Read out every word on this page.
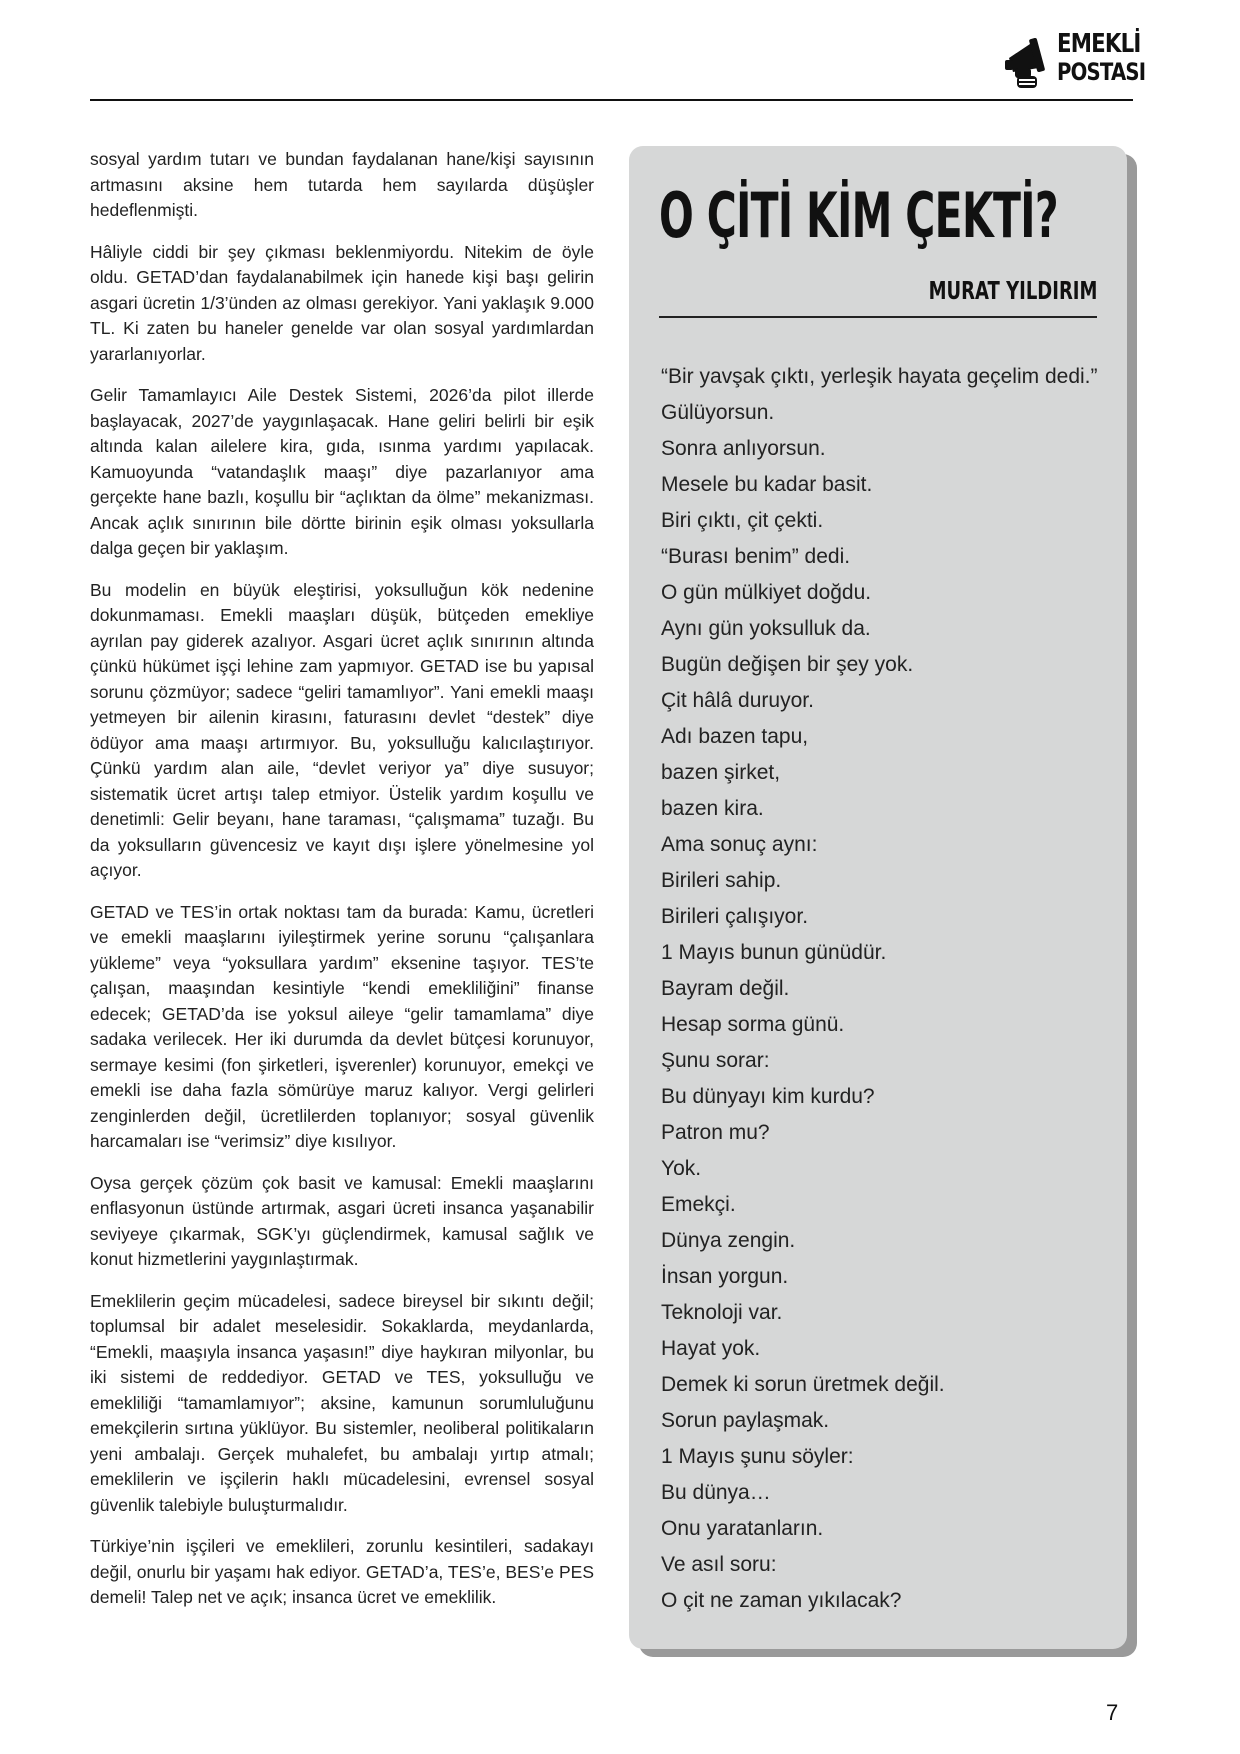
EMEKLİ
POSTASI

sosyal yardım tutarı ve bundan faydalanan hane/kişi sayısının artmasını aksine hem tutarda hem sayılarda düşüşler hedeflenmişti.

Hâliyle ciddi bir şey çıkması beklenmiyordu. Nitekim de öyle oldu. GETAD’dan faydalanabilmek için hanede kişi başı gelirin asgari ücretin 1/3’ünden az olması gerekiyor. Yani yaklaşık 9.000 TL. Ki zaten bu haneler genelde var olan sosyal yardımlardan yararlanıyorlar.

Gelir Tamamlayıcı Aile Destek Sistemi, 2026’da pilot illerde başlayacak, 2027’de yaygınlaşacak. Hane geliri belirli bir eşik altında kalan ailelere kira, gıda, ısınma yardımı yapılacak. Kamuoyunda “vatandaşlık maaşı” diye pazarlanıyor ama gerçekte hane bazlı, koşullu bir “açlıktan da ölme” mekanizması. Ancak açlık sınırının bile dörtte birinin eşik olması yoksullarla dalga geçen bir yaklaşım.

Bu modelin en büyük eleştirisi, yoksulluğun kök nedenine dokunmaması. Emekli maaşları düşük, bütçeden emekliye ayrılan pay giderek azalıyor. Asgari ücret açlık sınırının altında çünkü hükümet işçi lehine zam yapmıyor. GETAD ise bu yapısal sorunu çözmüyor; sadece “geliri tamamlıyor”. Yani emekli maaşı yetmeyen bir ailenin kirasını, faturasını devlet “destek” diye ödüyor ama maaşı artırmıyor. Bu, yoksulluğu kalıcılaştırıyor. Çünkü yardım alan aile, “devlet veriyor ya” diye susuyor; sistematik ücret artışı talep etmiyor. Üstelik yardım koşullu ve denetimli: Gelir beyanı, hane taraması, “çalışmama” tuzağı. Bu da yoksulların güvencesiz ve kayıt dışı işlere yönelmesine yol açıyor.

GETAD ve TES’in ortak noktası tam da burada: Kamu, ücretleri ve emekli maaşlarını iyileştirmek yerine sorunu “çalışanlara yükleme” veya “yoksullara yardım” eksenine taşıyor. TES’te çalışan, maaşından kesintiyle “kendi emekliliğini” finanse edecek; GETAD’da ise yoksul aileye “gelir tamamlama” diye sadaka verilecek. Her iki durumda da devlet bütçesi korunuyor, sermaye kesimi (fon şirketleri, işverenler) korunuyor, emekçi ve emekli ise daha fazla sömürüye maruz kalıyor. Vergi gelirleri zenginlerden değil, ücretlilerden toplanıyor; sosyal güvenlik harcamaları ise “verimsiz” diye kısılıyor.

Oysa gerçek çözüm çok basit ve kamusal: Emekli maaşlarını enflasyonun üstünde artırmak, asgari ücreti insanca yaşanabilir seviyeye çıkarmak, SGK’yı güçlendirmek, kamusal sağlık ve konut hizmetlerini yaygınlaştırmak.

Emeklilerin geçim mücadelesi, sadece bireysel bir sıkıntı değil; toplumsal bir adalet meselesidir. Sokaklarda, meydanlarda, “Emekli, maaşıyla insanca yaşasın!” diye haykıran milyonlar, bu iki sistemi de reddediyor. GETAD ve TES, yoksulluğu ve emekliliği “tamamlamıyor”; aksine, kamunun sorumluluğunu emekçilerin sırtına yüklüyor. Bu sistemler, neoliberal politikaların yeni ambalajı. Gerçek muhalefet, bu ambalajı yırtıp atmalı; emeklilerin ve işçilerin haklı mücadelesini, evrensel sosyal güvenlik talebiyle buluşturmalıdır.

Türkiye’nin işçileri ve emeklileri, zorunlu kesintileri, sadakayı değil, onurlu bir yaşamı hak ediyor. GETAD’a, TES’e, BES’e PES demeli! Talep net ve açık; insanca ücret ve emeklilik.

O ÇİTİ KİM ÇEKTİ?
MURAT YILDIRIM
“Bir yavşak çıktı, yerleşik hayata geçelim dedi.”
Gülüyorsun.
Sonra anlıyorsun.
Mesele bu kadar basit.
Biri çıktı, çit çekti.
“Burası benim” dedi.
O gün mülkiyet doğdu.
Aynı gün yoksulluk da.
Bugün değişen bir şey yok.
Çit hâlâ duruyor.
Adı bazen tapu,
bazen şirket,
bazen kira.
Ama sonuç aynı:
Birileri sahip.
Birileri çalışıyor.
1 Mayıs bunun günüdür.
Bayram değil.
Hesap sorma günü.
Şunu sorar:
Bu dünyayı kim kurdu?
Patron mu?
Yok.
Emekçi.
Dünya zengin.
İnsan yorgun.
Teknoloji var.
Hayat yok.
Demek ki sorun üretmek değil.
Sorun paylaşmak.
1 Mayıs şunu söyler:
Bu dünya…
Onu yaratanların.
Ve asıl soru:
O çit ne zaman yıkılacak?
7
